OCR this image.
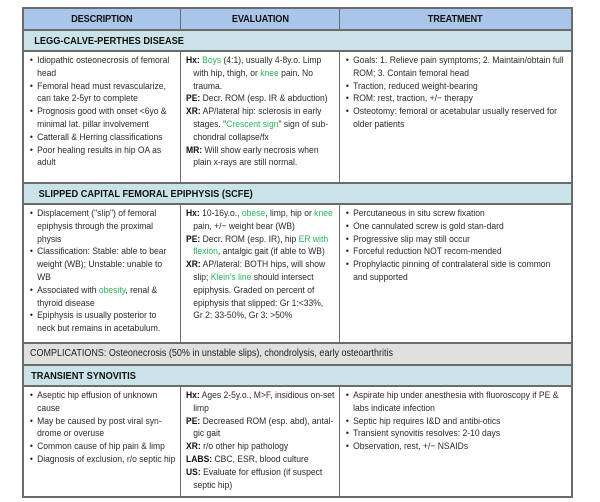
DESCRIPTION	EVALUATION	TREATMENT
LEGG-CALVE-PERTHES DISEASE
• Idiopathic osteonecrosis of femoral head
• Femoral head must revascularize, can take 2-5yr to complete
• Prognosis good with onset <6yo & minimal lat. pillar involvement
• Catterall & Herring classifications
• Poor healing results in hip OA as adult

Hx: Boys (4:1), usually 4-8y.o. Limp with hip, thigh, or knee pain. No trauma.

PE: Decr. ROM (esp. IR & abduction)

XR: AP/lateral hip: sclerosis in early stages. "Crescent sign" sign of sub-chondral collapse/fx

MR: Will show early necrosis when plain x-rays are still normal.

• Goals: 1. Relieve pain symptoms; 2. Maintain/obtain full ROM; 3. Contain femoral head
• Traction, reduced weight-bearing
• ROM: rest, traction, +/− therapy
• Osteotomy: femoral or acetabular usually reserved for older patients
SLIPPED CAPITAL FEMORAL EPIPHYSIS (SCFE)
• Displacement ("slip") of femoral epiphysis through the proximal physis
• Classification: Stable: able to bear weight (WB); Unstable: unable to WB
• Associated with obesity, renal & thyroid disease
• Epiphysis is usually posterior to neck but remains in acetabulum.

Hx: 10-16y.o., obese, limp, hip or knee pain, +/− weight bear (WB)

PE: Decr. ROM (esp. IR), hip ER with flexion, antalgic gait (if able to WB)

XR: AP/lateral: BOTH hips, will show slip; Klein's line should intersect epiphysis. Graded on percent of epiphysis that slipped: Gr 1:<33%, Gr 2: 33-50%, Gr 3: >50%

• Percutaneous in situ screw fixation
• One cannulated screw is gold stan-dard
• Progressive slip may still occur
• Forceful reduction NOT recom-mended
• Prophylactic pinning of contralateral side is common and supported
COMPLICATIONS: Osteonecrosis (50% in unstable slips), chondrolysis, early osteoarthritis
TRANSIENT SYNOVITIS
• Aseptic hip effusion of unknown cause
• May be caused by post viral syn-drome or overuse
• Common cause of hip pain & limp
• Diagnosis of exclusion, r/o septic hip

Hx: Ages 2-5y.o., M>F, insidious on-set limp

PE: Decreased ROM (esp. abd), antal-gic gait

XR: r/o other hip pathology

LABS: CBC, ESR, blood culture

US: Evaluate for effusion (if suspect septic hip)

• Aspirate hip under anesthesia with fluoroscopy if PE & labs indicate infection
• Septic hip requires I&D and antibi-otics
• Transient synovitis resolves: 2-10 days
• Observation, rest, +/− NSAIDs
